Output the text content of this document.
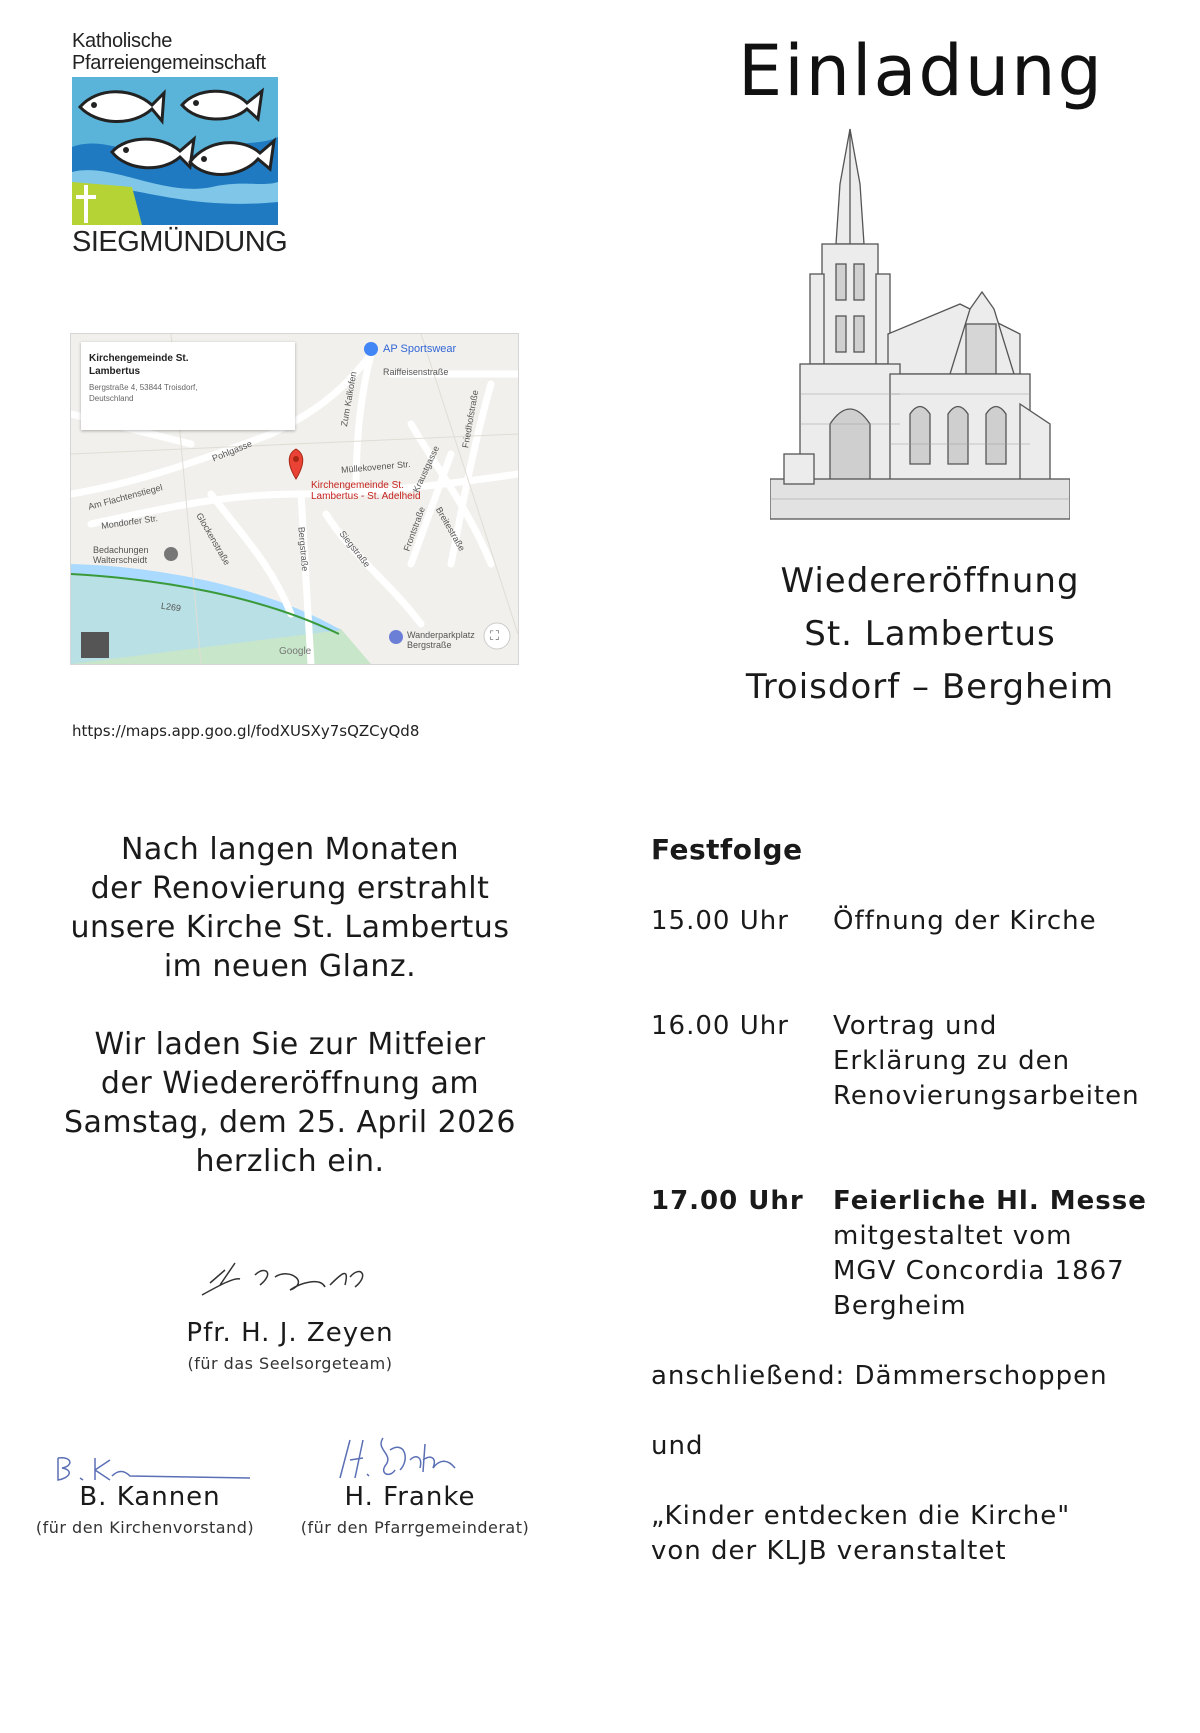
Katholische
Pfarreiengemeinschaft
SIEGMÜNDUNG
Einladung
Wiedereröffnung
St. Lambertus
Troisdorf – Bergheim
Kirchengemeinde St. Lambertus
Bergstraße 4, 53844 Troisdorf, Deutschland
Kirchengemeinde St. Lambertus - St. Adelheid
AP Sportswear
Raiffeisenstraße
Pohlgasse
Am Flachtenstiegel
Mondorfer Str.
Müllekovener Str.
Glockenstraße	Bergstraße	Siegstraße	Frontstraße
Kraustgasse
Breitestraße
Zum Kalkofen	Friedhofstraße
L269
Bedachungen Walterscheidt
Wanderparkplatz Bergstraße
Google
⛶
https://maps.app.goo.gl/fodXUSXy7sQZCyQd8

Nach langen Monaten

der Renovierung erstrahlt

unsere Kirche St. Lambertus

im neuen Glanz.

Wir laden Sie zur Mitfeier

der Wiedereröffnung am

Samstag, dem 25. April 2026

herzlich ein.

Pfr. H. J. Zeyen
(für das Seelsorgeteam)
B. Kannen
(für den Kirchenvorstand)
H. Franke
(für den Pfarrgemeinderat)
Festfolge
15.00 Uhr Öffnung der Kirche
16.00 Uhr Vortrag und
Erklärung zu den
Renovierungsarbeiten
17.00 Uhr Feierliche Hl. Messe
mitgestaltet vom
MGV Concordia 1867
Bergheim
anschließend: Dämmerschoppen
und
„Kinder entdecken die Kirche"
von der KLJB veranstaltet
